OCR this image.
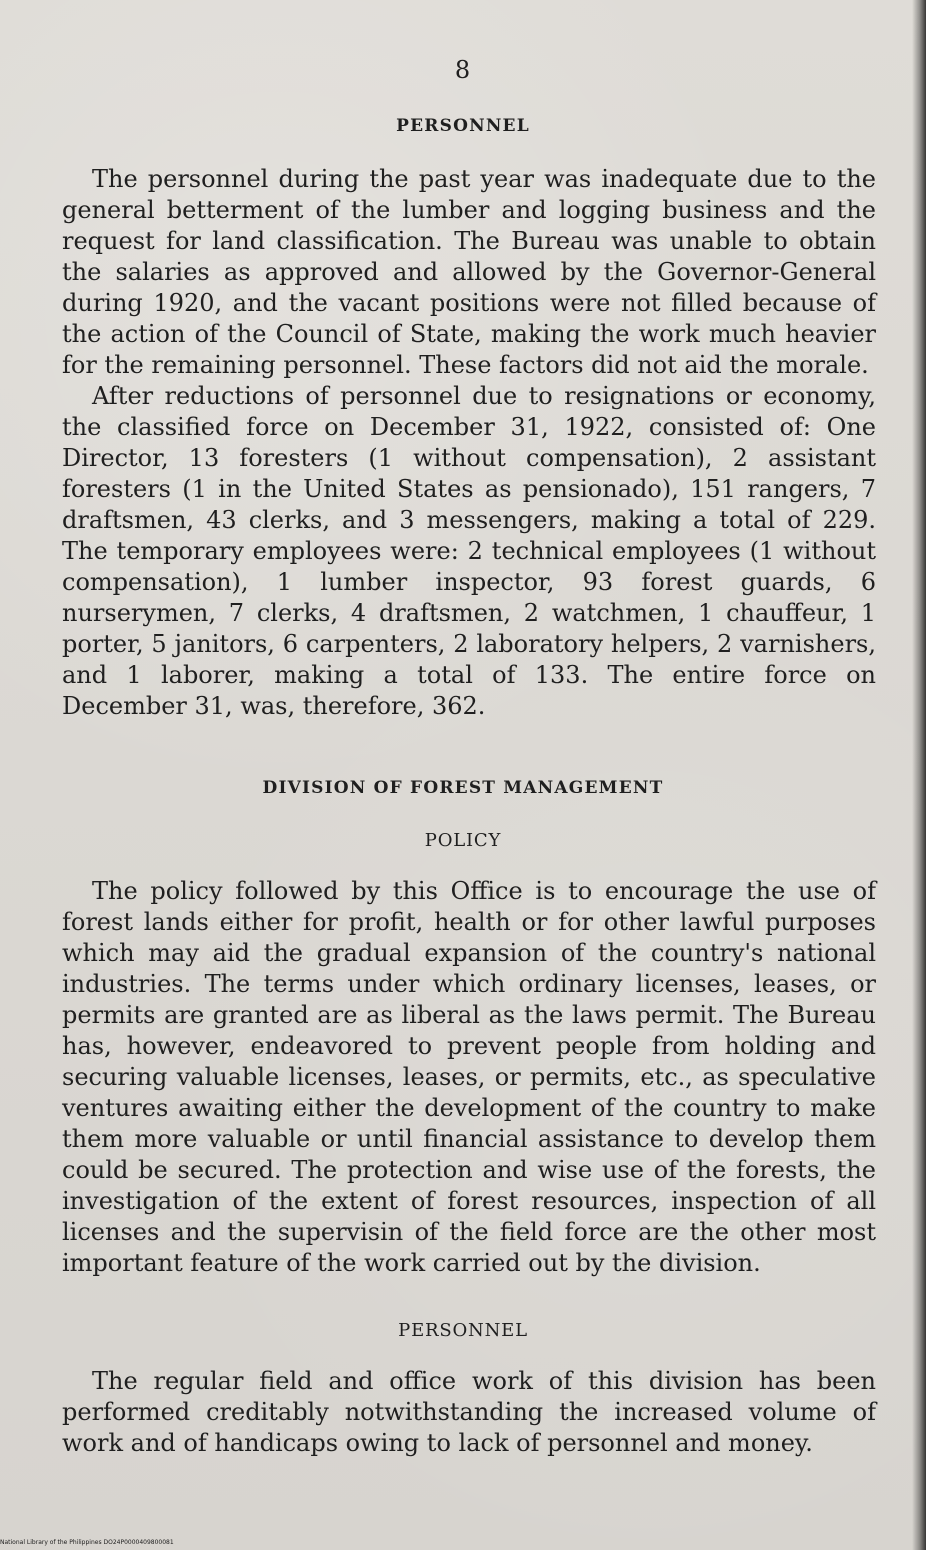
8
PERSONNEL

The personnel during the past year was inadequate due to the general betterment of the lumber and logging business and the request for land classification. The Bureau was unable to obtain the salaries as approved and allowed by the Governor-General during 1920, and the vacant positions were not filled because of the action of the Council of State, making the work much heavier for the remaining personnel. These factors did not aid the morale.

After reductions of personnel due to resignations or economy, the classified force on December 31, 1922, consisted of: One Director, 13 foresters (1 without compensation), 2 assistant foresters (1 in the United States as pensionado), 151 rangers, 7 draftsmen, 43 clerks, and 3 messengers, making a total of 229. The temporary employees were: 2 technical employees (1 without compensation), 1 lumber inspector, 93 forest guards, 6 nurserymen, 7 clerks, 4 draftsmen, 2 watchmen, 1 chauffeur, 1 porter, 5 janitors, 6 carpenters, 2 laboratory helpers, 2 varnishers, and 1 laborer, making a total of 133. The entire force on December 31, was, therefore, 362.

DIVISION OF FOREST MANAGEMENT
POLICY

The policy followed by this Office is to encourage the use of forest lands either for profit, health or for other lawful purposes which may aid the gradual expansion of the country's national industries. The terms under which ordinary licenses, leases, or permits are granted are as liberal as the laws permit. The Bureau has, however, endeavored to prevent people from holding and securing valuable licenses, leases, or permits, etc., as speculative ventures awaiting either the development of the country to make them more valuable or until financial assistance to develop them could be secured. The protection and wise use of the forests, the investigation of the extent of forest resources, inspection of all licenses and the supervisin of the field force are the other most important feature of the work carried out by the division.

PERSONNEL

The regular field and office work of this division has been performed creditably notwithstanding the increased volume of work and of handicaps owing to lack of personnel and money.

National Library of the Philippines DO24P0000409800081
